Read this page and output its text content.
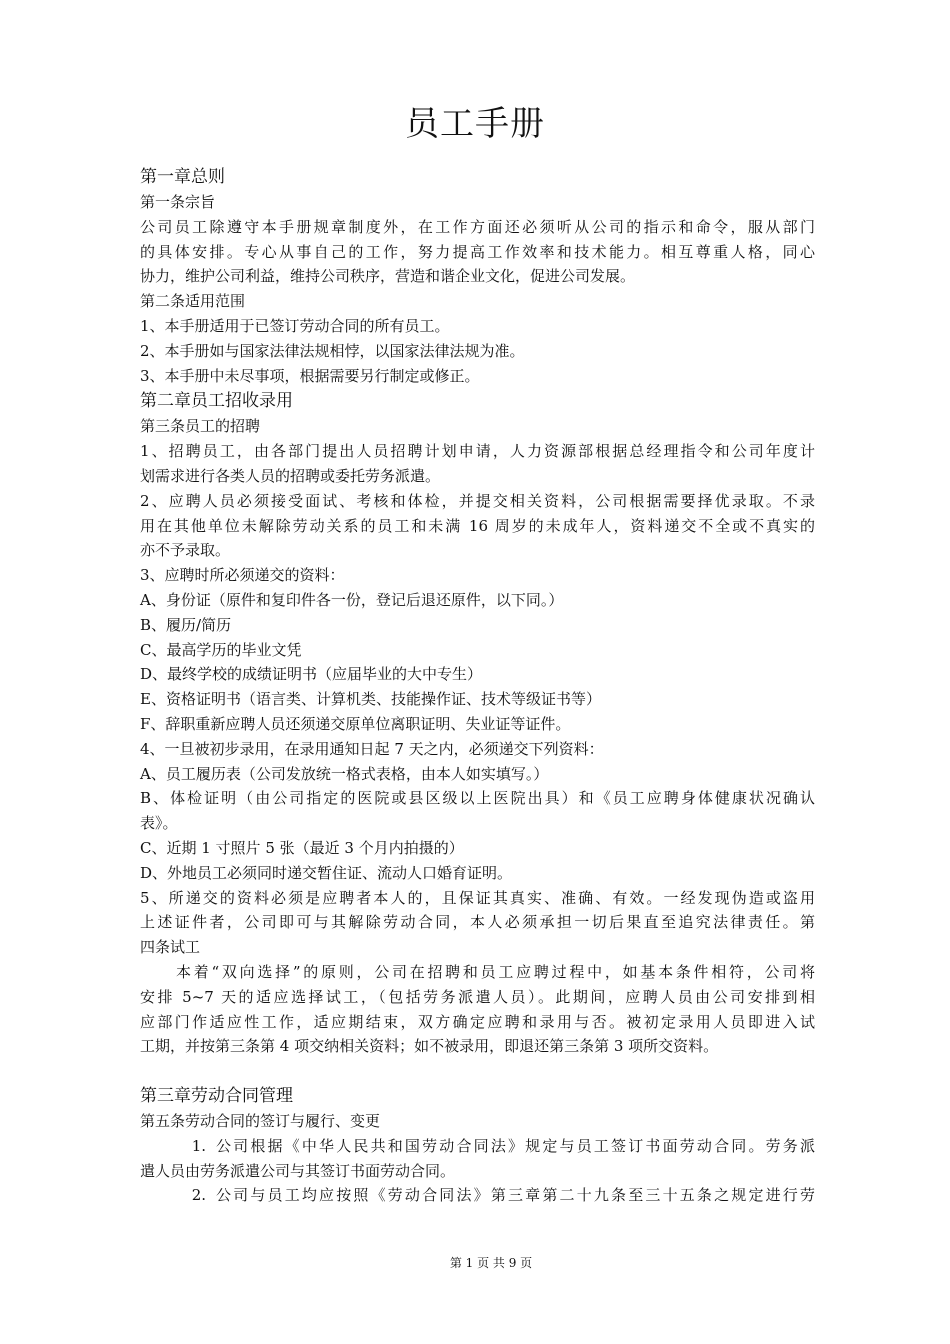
员工手册
第一章总则
第一条宗旨
公司员工除遵守本手册规章制度外，在工作方面还必须听从公司的指示和命令，服从部门
的具体安排。专心从事自己的工作，努力提高工作效率和技术能力。相互尊重人格，同心
协力，维护公司利益，维持公司秩序，营造和谐企业文化，促进公司发展。
第二条适用范围
1、本手册适用于已签订劳动合同的所有员工。
2、本手册如与国家法律法规相悖，以国家法律法规为准。
3、本手册中未尽事项，根据需要另行制定或修正。
第二章员工招收录用
第三条员工的招聘
1、招聘员工，由各部门提出人员招聘计划申请，人力资源部根据总经理指令和公司年度计
划需求进行各类人员的招聘或委托劳务派遣。
2、应聘人员必须接受面试、考核和体检，并提交相关资料，公司根据需要择优录取。不录
用在其他单位未解除劳动关系的员工和未满 16 周岁的未成年人，资料递交不全或不真实的
亦不予录取。
3、应聘时所必须递交的资料：
A、身份证（原件和复印件各一份，登记后退还原件，以下同。）
B、履历/简历
C、最高学历的毕业文凭
D、最终学校的成绩证明书（应届毕业的大中专生）
E、资格证明书（语言类、计算机类、技能操作证、技术等级证书等）
F、辞职重新应聘人员还须递交原单位离职证明、失业证等证件。
4、一旦被初步录用，在录用通知日起 7 天之内，必须递交下列资料：
A、员工履历表（公司发放统一格式表格，由本人如实填写。）
B、体检证明（由公司指定的医院或县区级以上医院出具）和《员工应聘身体健康状况确认
表》。
C、近期 1 寸照片 5 张（最近 3 个月内拍摄的）
D、外地员工必须同时递交暂住证、流动人口婚育证明。
5、所递交的资料必须是应聘者本人的，且保证其真实、准确、有效。一经发现伪造或盗用
上述证件者，公司即可与其解除劳动合同，本人必须承担一切后果直至追究法律责任。第
四条试工
本着“双向选择”的原则，公司在招聘和员工应聘过程中，如基本条件相符，公司将
安排 5~7 天的适应选择试工，（包括劳务派遣人员）。此期间，应聘人员由公司安排到相
应部门作适应性工作，适应期结束，双方确定应聘和录用与否。被初定录用人员即进入试
工期，并按第三条第 4 项交纳相关资料；如不被录用，即退还第三条第 3 项所交资料。
第三章劳动合同管理
第五条劳动合同的签订与履行、变更
1. 公司根据《中华人民共和国劳动合同法》规定与员工签订书面劳动合同。劳务派
遣人员由劳务派遣公司与其签订书面劳动合同。
2. 公司与员工均应按照《劳动合同法》第三章第二十九条至三十五条之规定进行劳
第 1 页 共 9 页
